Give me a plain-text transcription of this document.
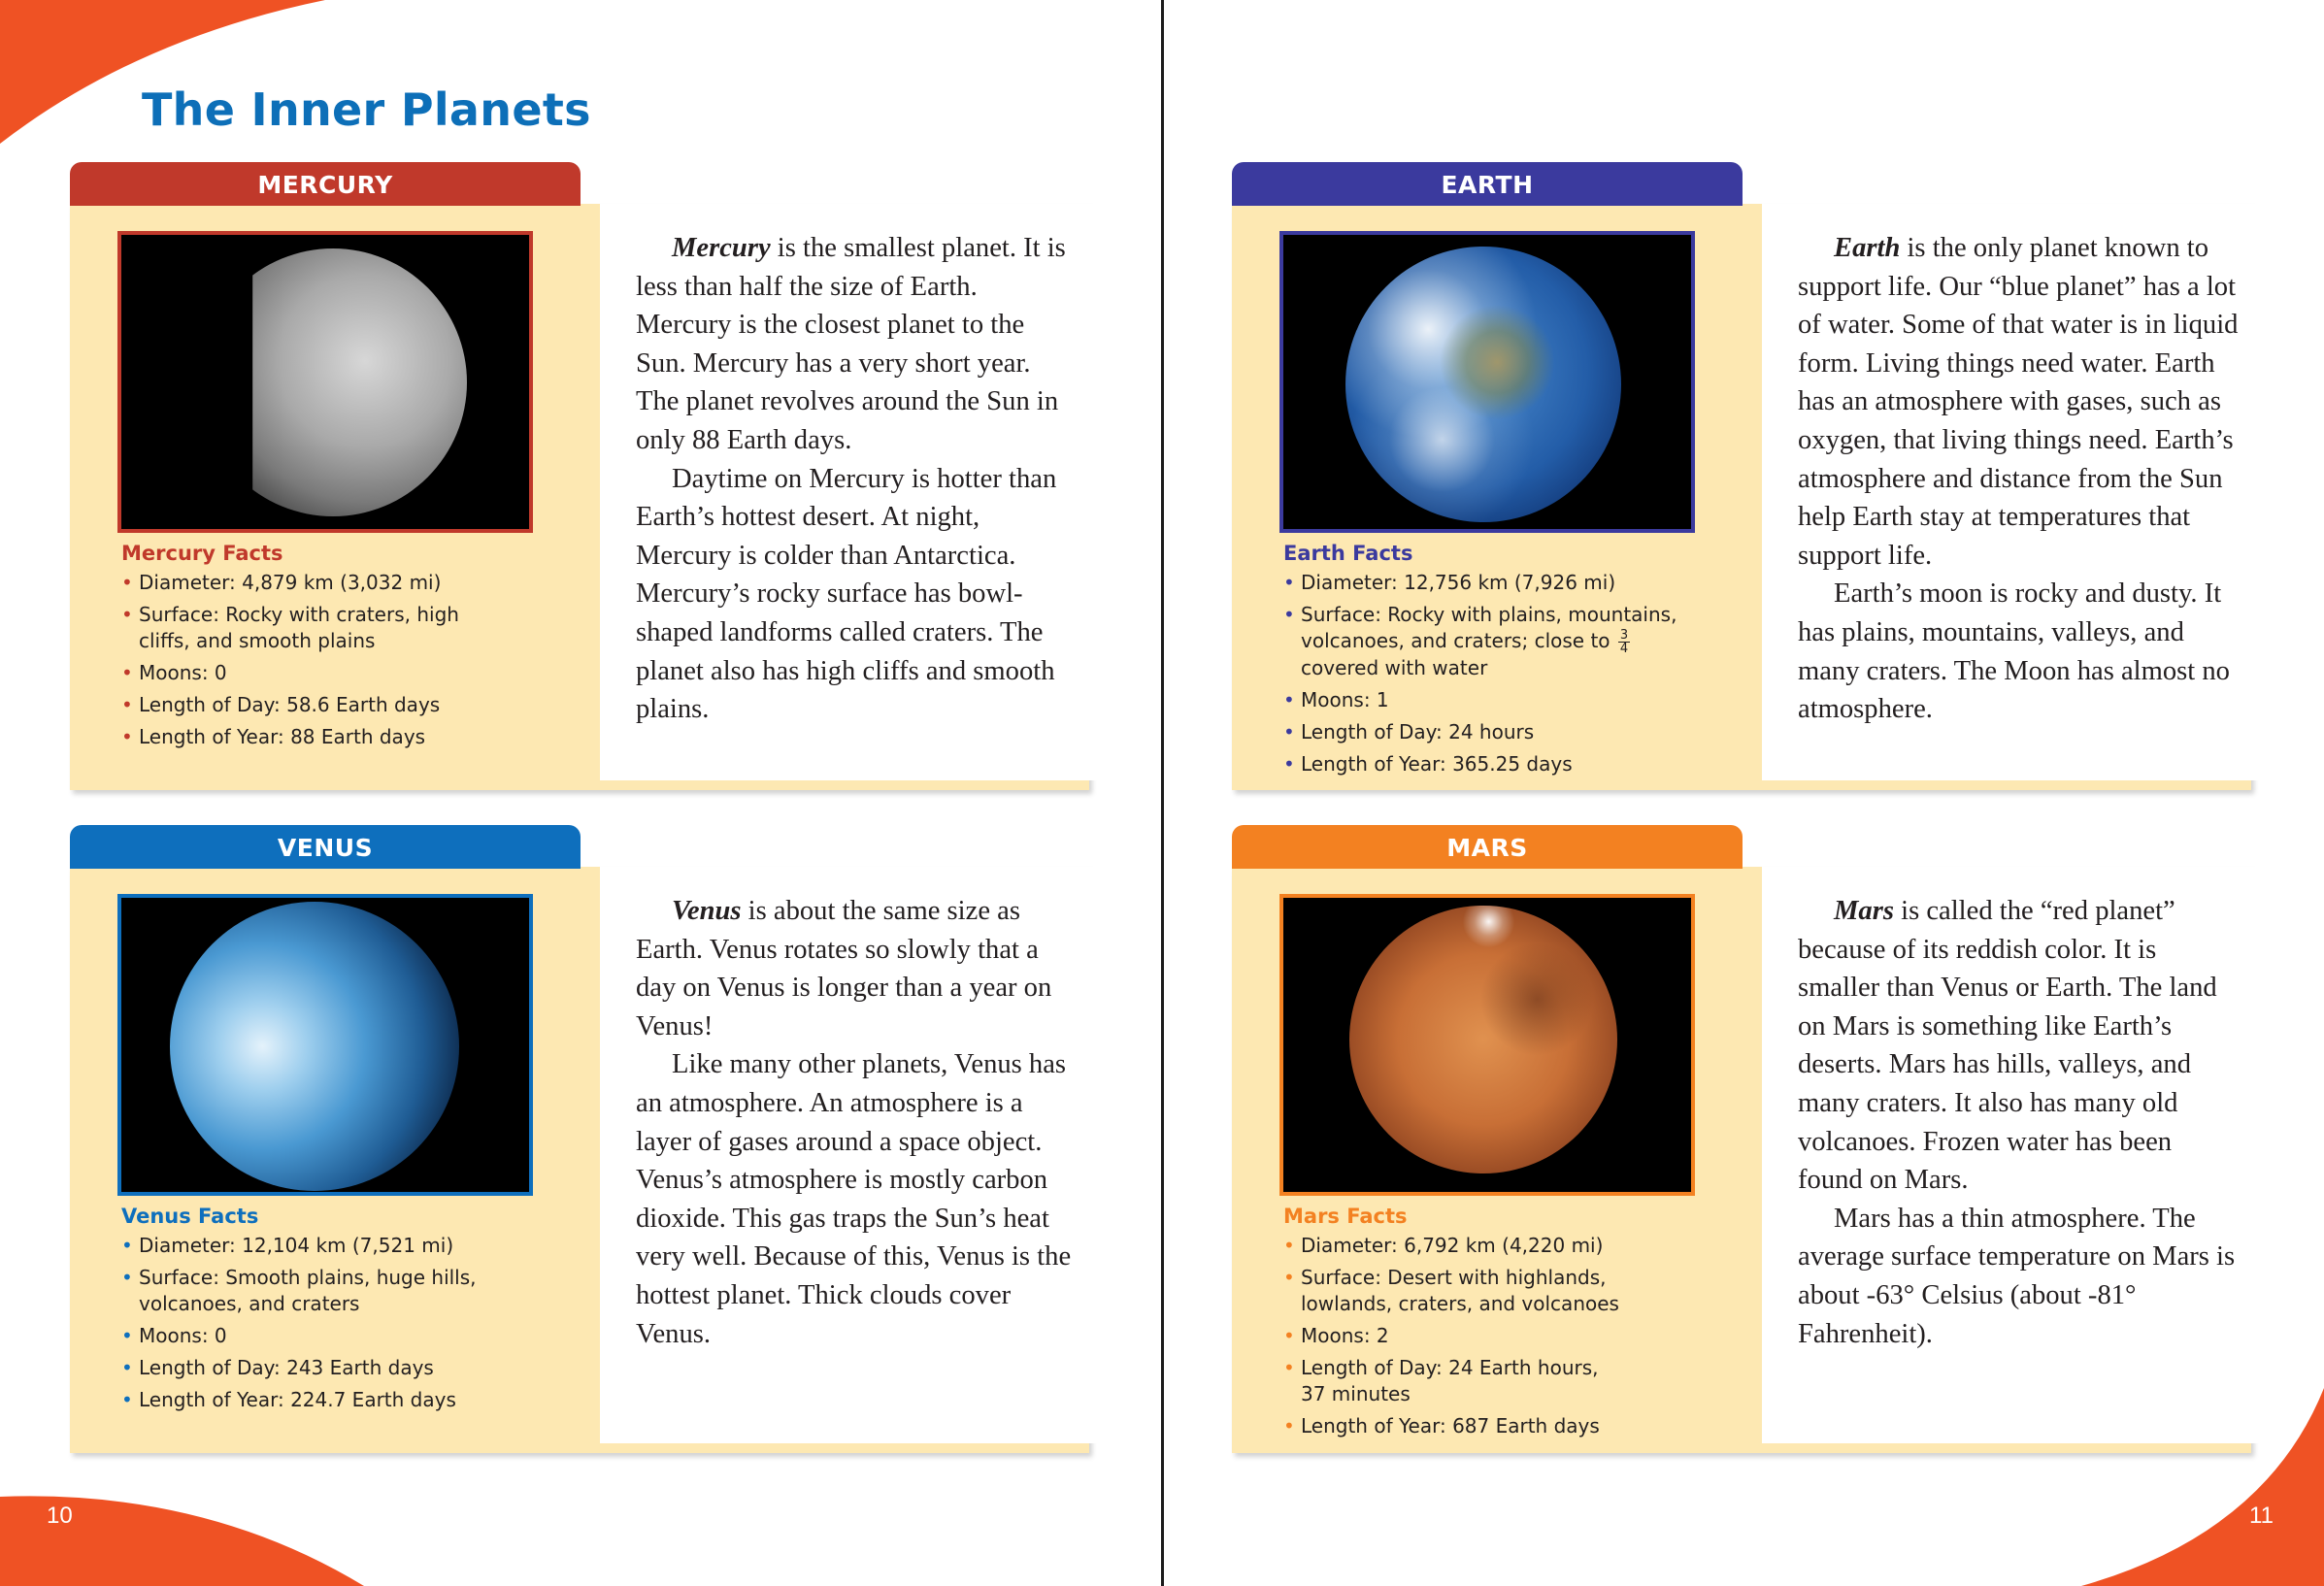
The Inner Planets
10	11
Mercury Facts
• Diameter: 4,879 km (3,032 mi)
• Surface: Rocky with craters, high cliffs, and smooth plains
• Moons: 0
• Length of Day: 58.6 Earth days
• Length of Year: 88 Earth days

Mercury is the smallest planet. It is less than half the size of Earth. Mercury is the closest planet to the Sun. Mercury has a very short year. The planet revolves around the Sun in only 88 Earth days.

Daytime on Mercury is hotter than Earth’s hottest desert. At night, Mercury is colder than Antarctica. Mercury’s rocky surface has bowl-shaped landforms called craters. The planet also has high cliffs and smooth plains.

MERCURY
Earth Facts
• Diameter: 12,756 km (7,926 mi)
• Surface: Rocky with plains, mountains, volcanoes, and craters; close to $\frac{3}{4}$
covered with water
• Moons: 1
• Length of Day: 24 hours
• Length of Year: 365.25 days

Earth is the only planet known to support life. Our “blue planet” has a lot of water. Some of that water is in liquid form. Living things need water. Earth has an atmosphere with gases, such as oxygen, that living things need. Earth’s atmosphere and distance from the Sun help Earth stay at temperatures that support life.

Earth’s moon is rocky and dusty. It has plains, mountains, valleys, and many craters. The Moon has almost no atmosphere.

EARTH
Venus Facts
• Diameter: 12,104 km (7,521 mi)
• Surface: Smooth plains, huge hills, volcanoes, and craters
• Moons: 0
• Length of Day: 243 Earth days
• Length of Year: 224.7 Earth days

Venus is about the same size as Earth. Venus rotates so slowly that a day on Venus is longer than a year on Venus!

Like many other planets, Venus has an atmosphere. An atmosphere is a layer of gases around a space object. Venus’s atmosphere is mostly carbon dioxide. This gas traps the Sun’s heat very well. Because of this, Venus is the hottest planet. Thick clouds cover Venus.

VENUS
Mars Facts
• Diameter: 6,792 km (4,220 mi)
• Surface: Desert with highlands, lowlands, craters, and volcanoes
• Moons: 2
• Length of Day: 24 Earth hours, 37 minutes
• Length of Year: 687 Earth days

Mars is called the “red planet” because of its reddish color. It is smaller than Venus or Earth. The land on Mars is something like Earth’s deserts. Mars has hills, valleys, and many craters. It also has many old volcanoes. Frozen water has been found on Mars.

Mars has a thin atmosphere. The average surface temperature on Mars is about -63° Celsius (about -81° Fahrenheit).

MARS
